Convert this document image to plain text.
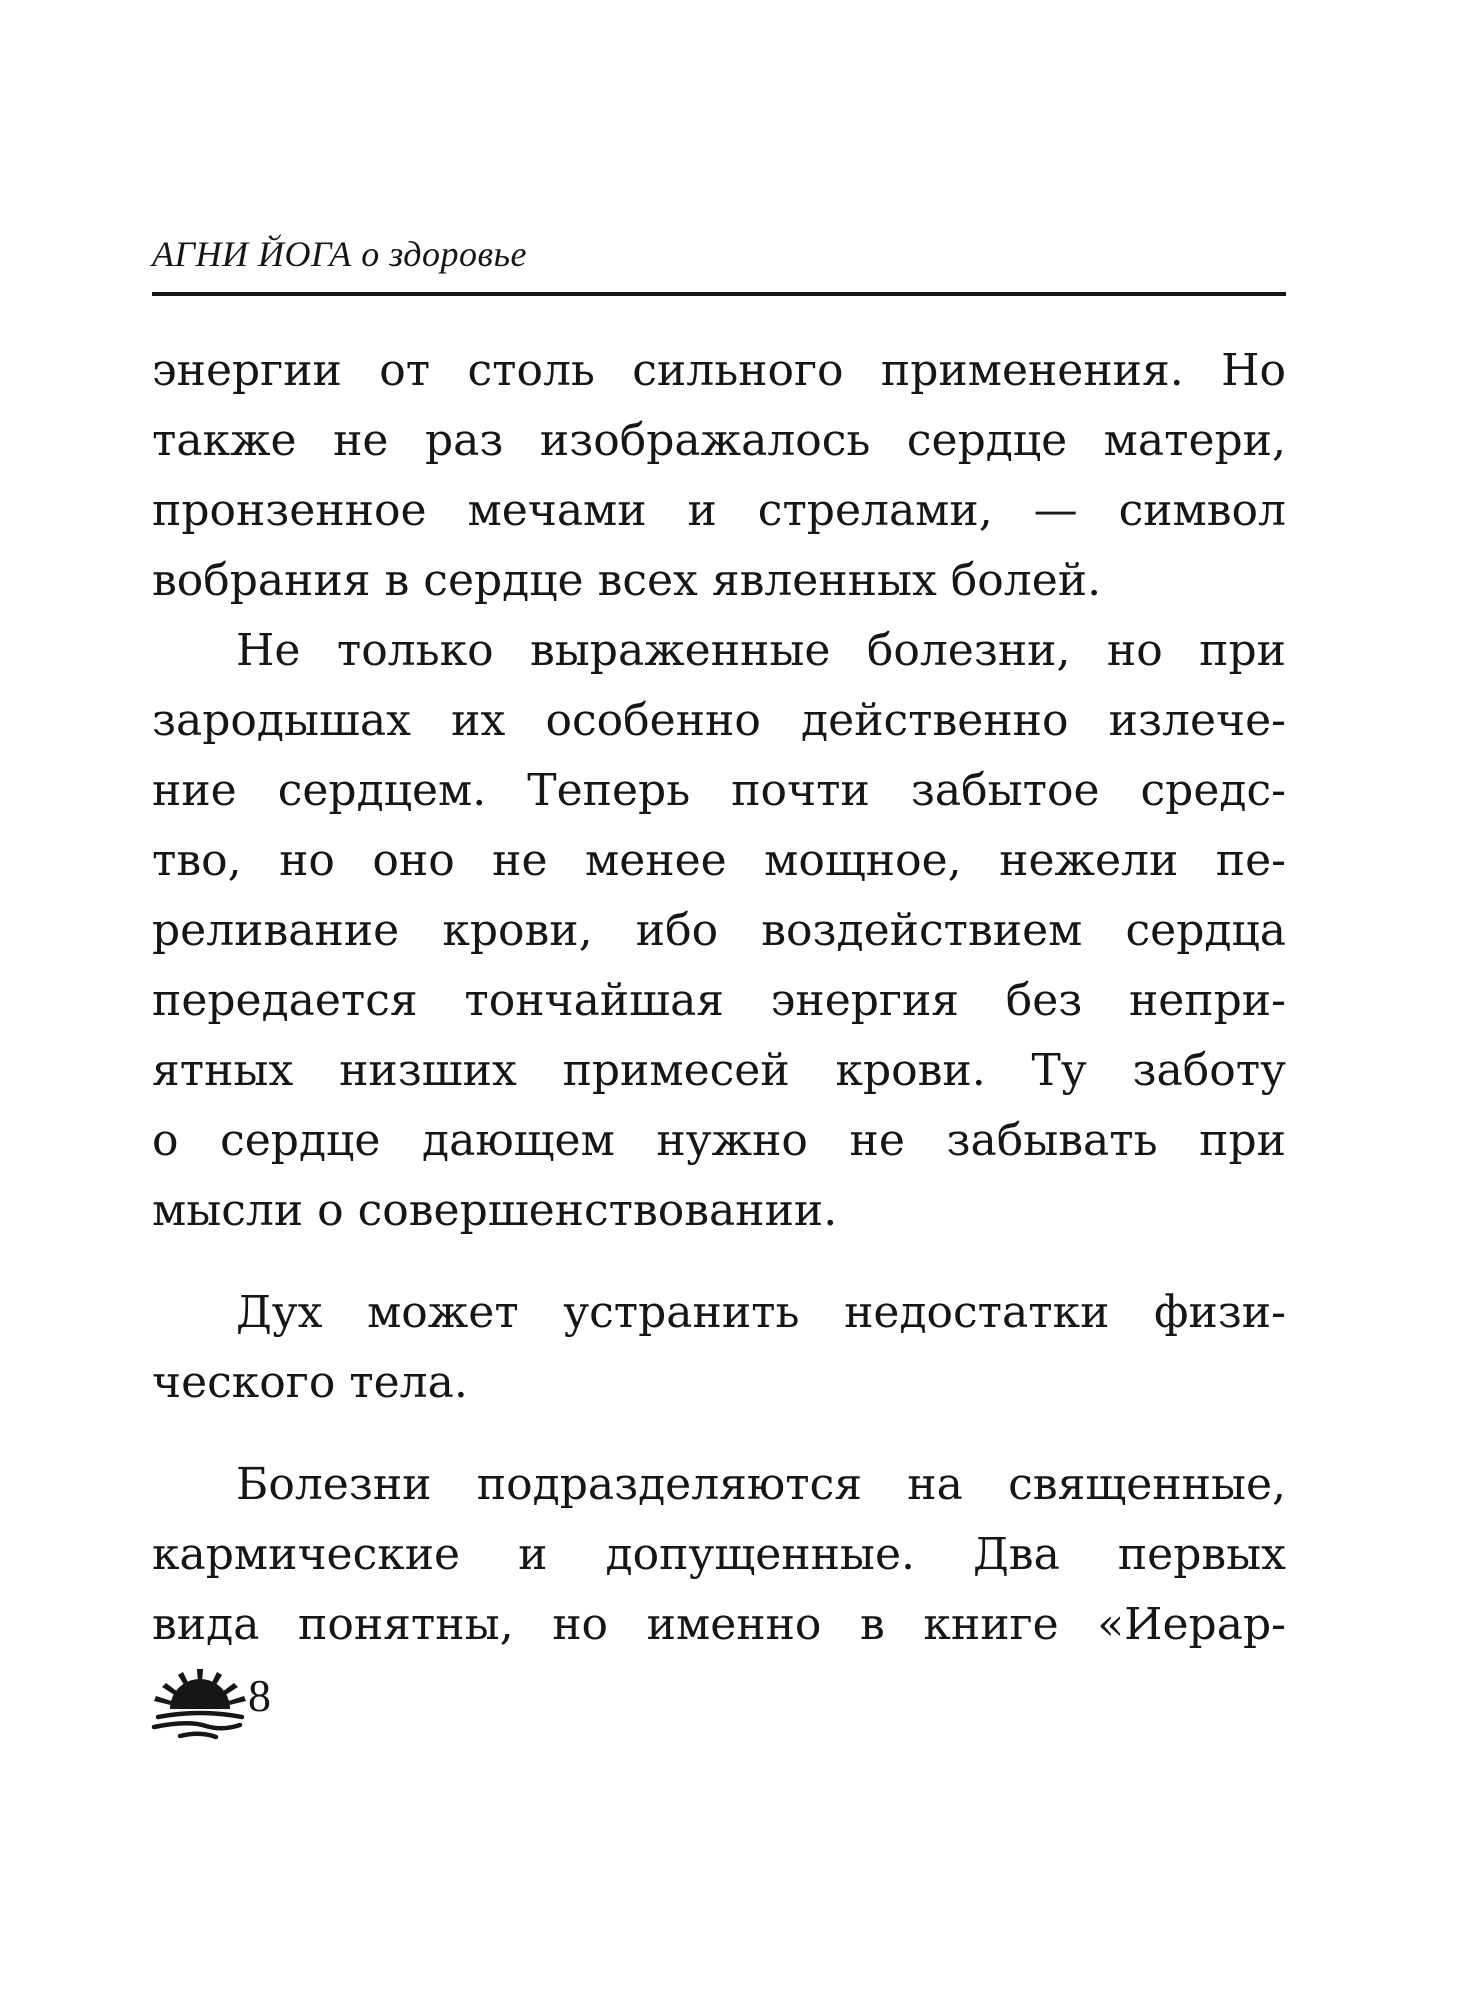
АГНИ ЙОГА о здоровье
энергии от столь сильного применения. Но
также не раз изображалось сердце матери,
пронзенное мечами и стрелами, — символ
вобрания в сердце всех явленных болей.
Не только выраженные болезни, но при
зародышах их особенно действенно излече-
ние сердцем. Теперь почти забытое средс-
тво, но оно не менее мощное, нежели пе-
реливание крови, ибо воздействием сердца
передается тончайшая энергия без непри-
ятных низших примесей крови. Ту заботу
о сердце дающем нужно не забывать при
мысли о совершенствовании.
Дух может устранить недостатки физи-
ческого тела.
Болезни подразделяются на священные,
кармические и допущенные. Два первых
вида понятны, но именно в книге «Иерар-
8
